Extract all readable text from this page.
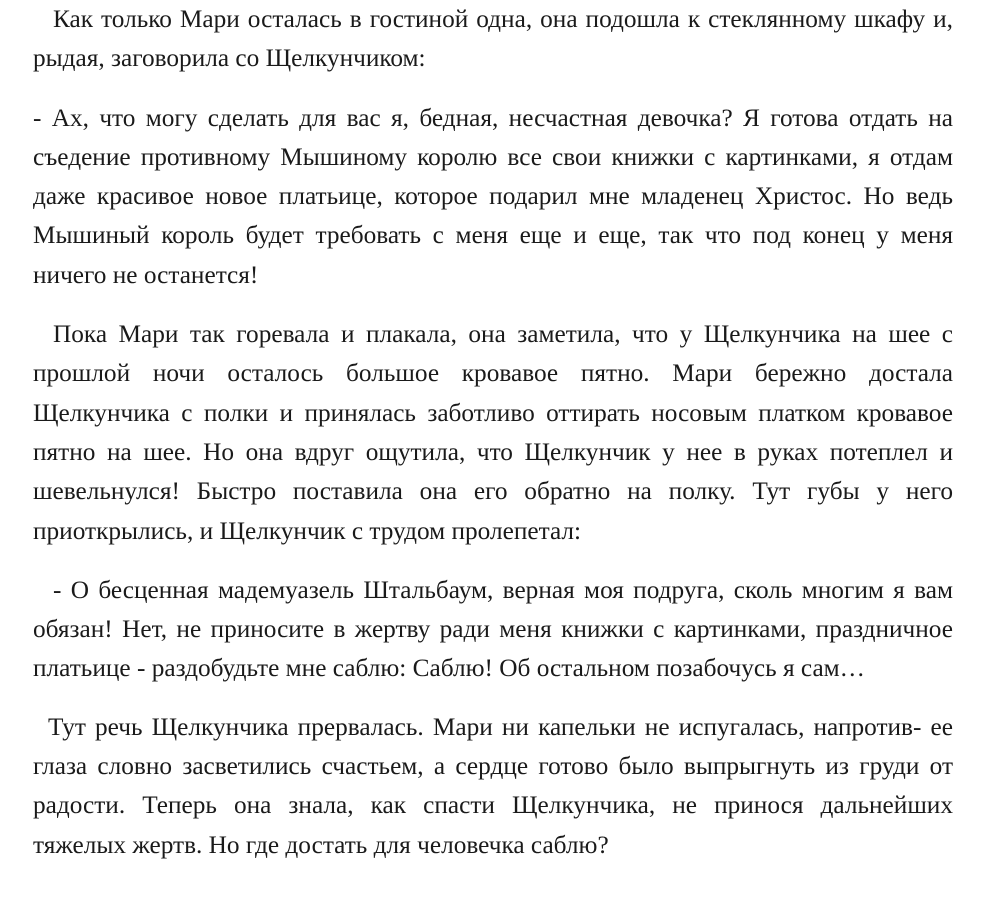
Как только Мари осталась в гостиной одна, она подошла к стеклянному шкафу и, рыдая, заговорила со Щелкунчиком:

- Ах, что могу сделать для вас я, бедная, несчастная девочка? Я готова отдать на съедение противному Мышиному королю все свои книжки с картинками, я отдам даже красивое новое платьице, которое подарил мне младенец Христос. Но ведь Мышиный король будет требовать с меня еще и еще, так что под конец у меня ничего не останется!

Пока Мари так горевала и плакала, она заметила, что у Щелкунчика на шее с прошлой ночи осталось большое кровавое пятно. Мари бережно достала Щелкунчика с полки и принялась заботливо оттирать носовым платком кровавое пятно на шее. Но она вдруг ощутила, что Щелкунчик у нее в руках потеплел и шевельнулся! Быстро поставила она его обратно на полку. Тут губы у него приоткрылись, и Щелкунчик с трудом пролепетал:

- О бесценная мадемуазель Штальбаум, верная моя подруга, сколь многим я вам обязан! Нет, не приносите в жертву ради меня книжки с картинками, праздничное платьице - раздобудьте мне саблю: Саблю! Об остальном позабочусь я сам…

Тут речь Щелкунчика прервалась. Мари ни капельки не испугалась, напротив- ее глаза словно засветились счастьем, а сердце готово было выпрыгнуть из груди от радости. Теперь она знала, как спасти Щелкунчика, не принося дальнейших тяжелых жертв. Но где достать для человечка саблю?
